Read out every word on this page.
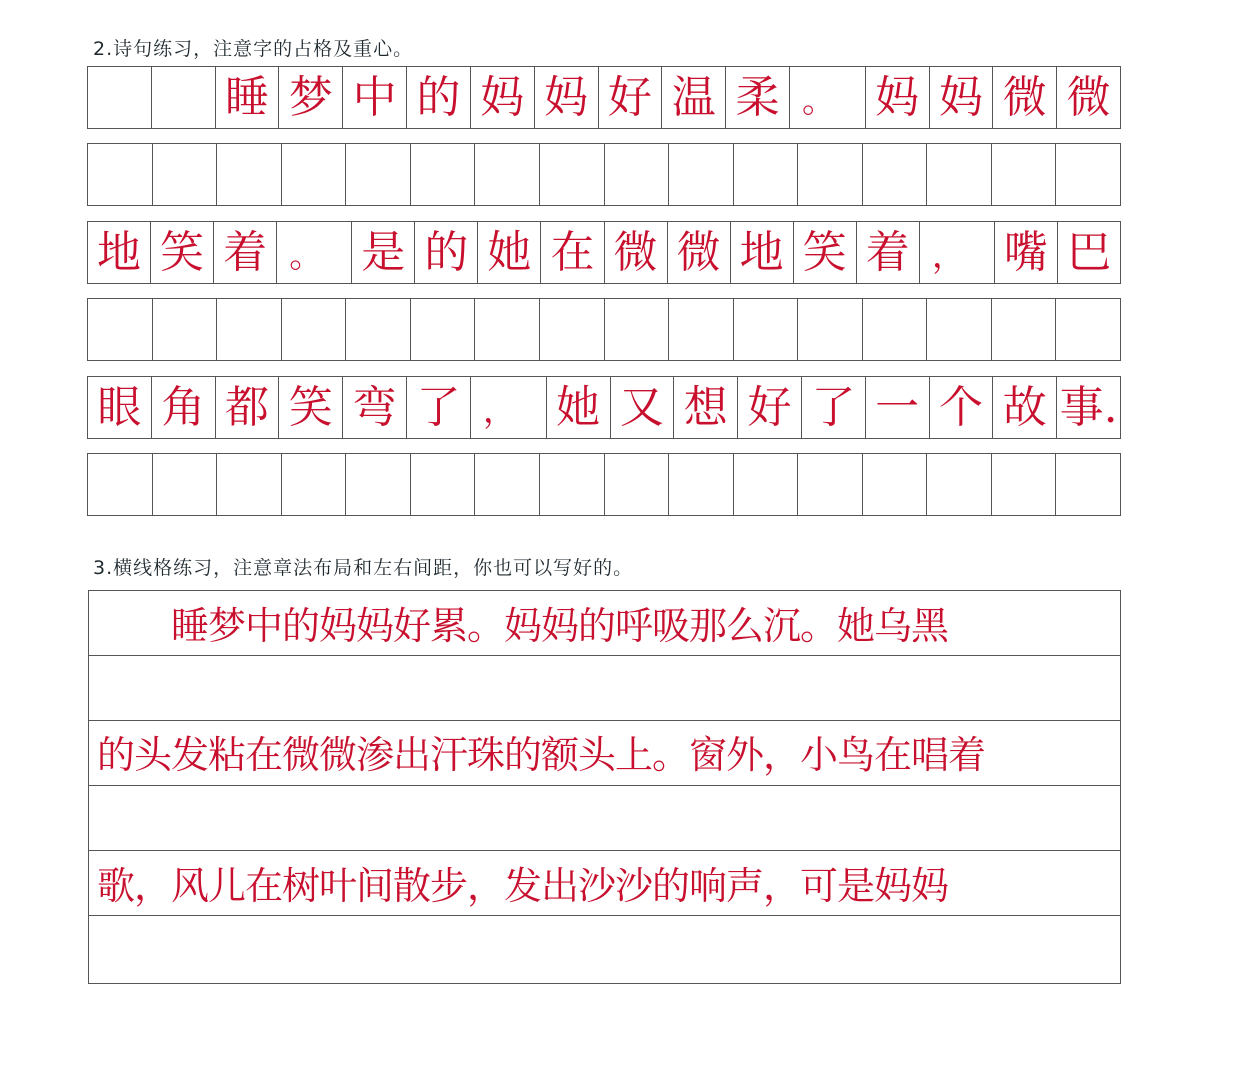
2.诗句练习，注意字的占格及重心。
睡 梦 中 的 妈 妈 好 温 柔 。 妈 妈 微 微
地 笑 着 。 是 的 她 在 微 微 地 笑 着 ， 嘴 巴
眼 角 都 笑 弯 了 ， 她 又 想 好 了 一 个 故 事.
3.横线格练习，注意章法布局和左右间距，你也可以写好的。
　　睡梦中的妈妈好累。妈妈的呼吸那么沉。她乌黑
的头发粘在微微渗出汗珠的额头上。窗外，小鸟在唱着
歌，风儿在树叶间散步，发出沙沙的响声，可是妈妈
